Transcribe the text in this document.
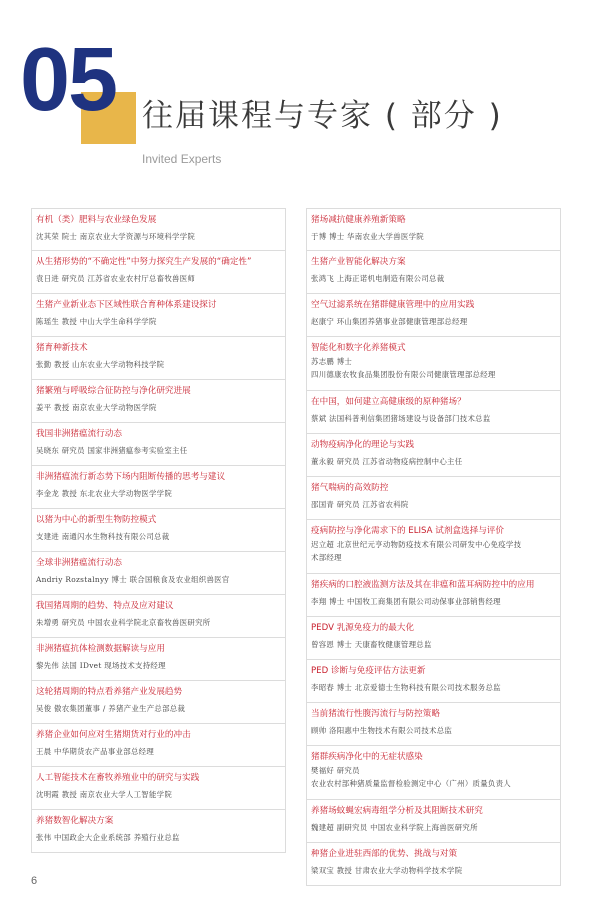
05 往届课程与专家 ( 部分 )
Invited Experts
有机（类）肥料与农业绿色发展
沈其荣 院士 南京农业大学资源与环境科学学院
从生猪形势的“不确定性”中努力探究生产发展的“确定性”
袁日进 研究员 江苏省农业农村厅总畜牧兽医师
生猪产业新业态下区域性联合育种体系建设探讨
陈瑶生 教授 中山大学生命科学学院
猪育种新技术
张勤 教授 山东农业大学动物科技学院
猪繁殖与呼吸综合征防控与净化研究进展
姜平 教授 南京农业大学动物医学院
我国非洲猪瘟流行动态
吴晓东 研究员 国家非洲猪瘟参考实验室主任
非洲猪瘟流行新态势下场内阻断传播的思考与建议
李金龙 教授 东北农业大学动物医学学院
以猪为中心的新型生物防控模式
支建进 南通闪水生物科技有限公司总裁
全球非洲猪瘟流行动态
Andriy Rozstalnyy 博士 联合国粮食及农业组织兽医官
我国猪周期的趋势、特点及应对建议
朱增勇 研究员 中国农业科学院北京畜牧兽医研究所
非洲猪瘟抗体检测数据解读与应用
黎先伟 法国 IDvet 现场技术支持经理
这轮猪周期的特点看养猪产业发展趋势
吴俊 傲农集团董事 / 养猪产业生产总部总裁
养猪企业如何应对生猪期货对行业的冲击
王晨 中华期货农产品事业部总经理
人工智能技术在畜牧养殖业中的研究与实践
沈明霞 教授 南京农业大学人工智能学院
养猪数智化解决方案
张伟 中国政企大企业系统部 养殖行业总监
猪场减抗健康养殖新策略
于博 博士 华南农业大学兽医学院
生猪产业智能化解决方案
张鸿飞 上海正诺机电制造有限公司总裁
空气过滤系统在猪群健康管理中的应用实践
赵康宁 环山集团养猪事业部健康管理部总经理
智能化和数字化养猪模式
苏志鹏 博士
四川德康农牧食品集团股份有限公司健康管理部总经理
在中国，如何建立高健康级的原种猪场？
蔡斌 法国科普利信集团猪场建设与设备部门技术总监
动物疫病净化的理论与实践
董永毅 研究员 江苏省动物疫病控制中心主任
猪气喘病的高效防控
邵国青 研究员 江苏省农科院
疫病防控与净化需求下的 ELISA 试剂盒选择与评价
迟立超 北京世纪元亨动物防疫技术有限公司研发中心免疫学技
术部经理
猪疾病的口腔液监测方法及其在非瘟和蓝耳病防控中的应用
李翔 博士 中国牧工商集团有限公司动保事业部销售经理
PEDV 乳源免疫力的最大化
曾容恩 博士 天康畜牧健康管理总监
PED 诊断与免疫评估方法更新
李昭春 博士 北京爱德士生物科技有限公司技术服务总监
当前猪流行性腹泻流行与防控策略
顾帅 洛阳惠中生物技术有限公司技术总监
猪群疾病净化中的无症状感染
樊福好 研究员
农业农村部种猪质量监督检验测定中心（广州）质量负责人
养猪场蚊蝇宏病毒组学分析及其阻断技术研究
魏建超 副研究员 中国农业科学院上海兽医研究所
种猪企业进驻西部的优势、挑战与对策
梁双宝 教授 甘肃农业大学动物科学技术学院
6
